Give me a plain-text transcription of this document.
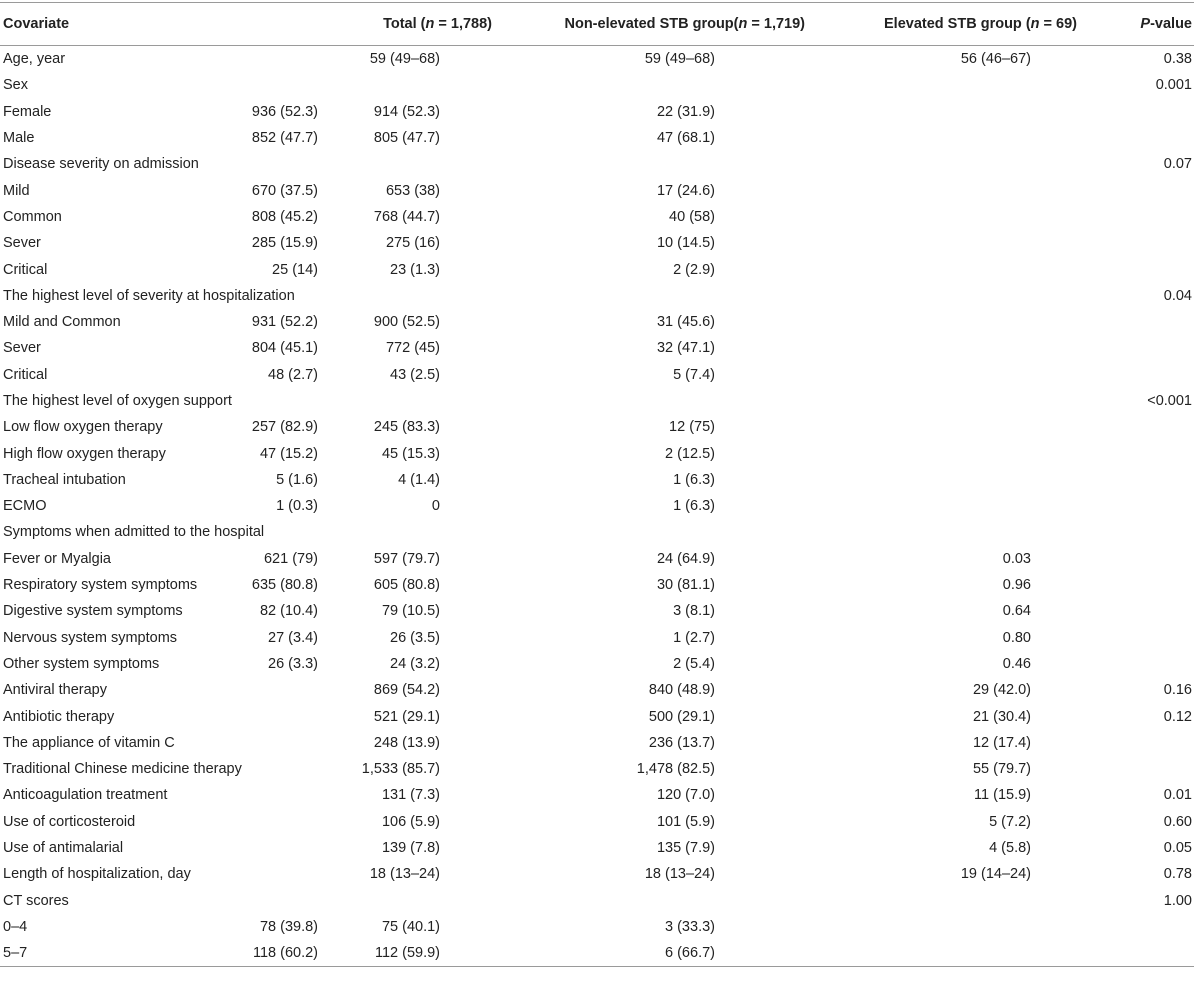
Covariate		Total (n = 1,788)	Non-elevated STB group(n = 1,719)	Elevated STB group (n = 69)	P-value
Age, year		59 (49–68)	59 (49–68)	56 (46–67)	0.38
Sex					0.001
Female	936 (52.3)	914 (52.3)	22 (31.9)		
Male	852 (47.7)	805 (47.7)	47 (68.1)		
Disease severity on admission					0.07
Mild	670 (37.5)	653 (38)	17 (24.6)		
Common	808 (45.2)	768 (44.7)	40 (58)		
Sever	285 (15.9)	275 (16)	10 (14.5)		
Critical	25 (14)	23 (1.3)	2 (2.9)		
The highest level of severity at hospitalization					0.04
Mild and Common	931 (52.2)	900 (52.5)	31 (45.6)		
Sever	804 (45.1)	772 (45)	32 (47.1)		
Critical	48 (2.7)	43 (2.5)	5 (7.4)		
The highest level of oxygen support					<0.001
Low flow oxygen therapy	257 (82.9)	245 (83.3)	12 (75)		
High flow oxygen therapy	47 (15.2)	45 (15.3)	2 (12.5)		
Tracheal intubation	5 (1.6)	4 (1.4)	1 (6.3)		
ECMO	1 (0.3)	0	1 (6.3)		
Symptoms when admitted to the hospital					
Fever or Myalgia	621 (79)	597 (79.7)	24 (64.9)	0.03	
Respiratory system symptoms	635 (80.8)	605 (80.8)	30 (81.1)	0.96	
Digestive system symptoms	82 (10.4)	79 (10.5)	3 (8.1)	0.64	
Nervous system symptoms	27 (3.4)	26 (3.5)	1 (2.7)	0.80	
Other system symptoms	26 (3.3)	24 (3.2)	2 (5.4)	0.46	
Antiviral therapy		869 (54.2)	840 (48.9)	29 (42.0)	0.16
Antibiotic therapy		521 (29.1)	500 (29.1)	21 (30.4)	0.12
The appliance of vitamin C		248 (13.9)	236 (13.7)	12 (17.4)	
Traditional Chinese medicine therapy		1,533 (85.7)	1,478 (82.5)	55 (79.7)	
Anticoagulation treatment		131 (7.3)	120 (7.0)	11 (15.9)	0.01
Use of corticosteroid		106 (5.9)	101 (5.9)	5 (7.2)	0.60
Use of antimalarial		139 (7.8)	135 (7.9)	4 (5.8)	0.05
Length of hospitalization, day		18 (13–24)	18 (13–24)	19 (14–24)	0.78
CT scores					1.00
0–4	78 (39.8)	75 (40.1)	3 (33.3)		
5–7	118 (60.2)	112 (59.9)	6 (66.7)		
